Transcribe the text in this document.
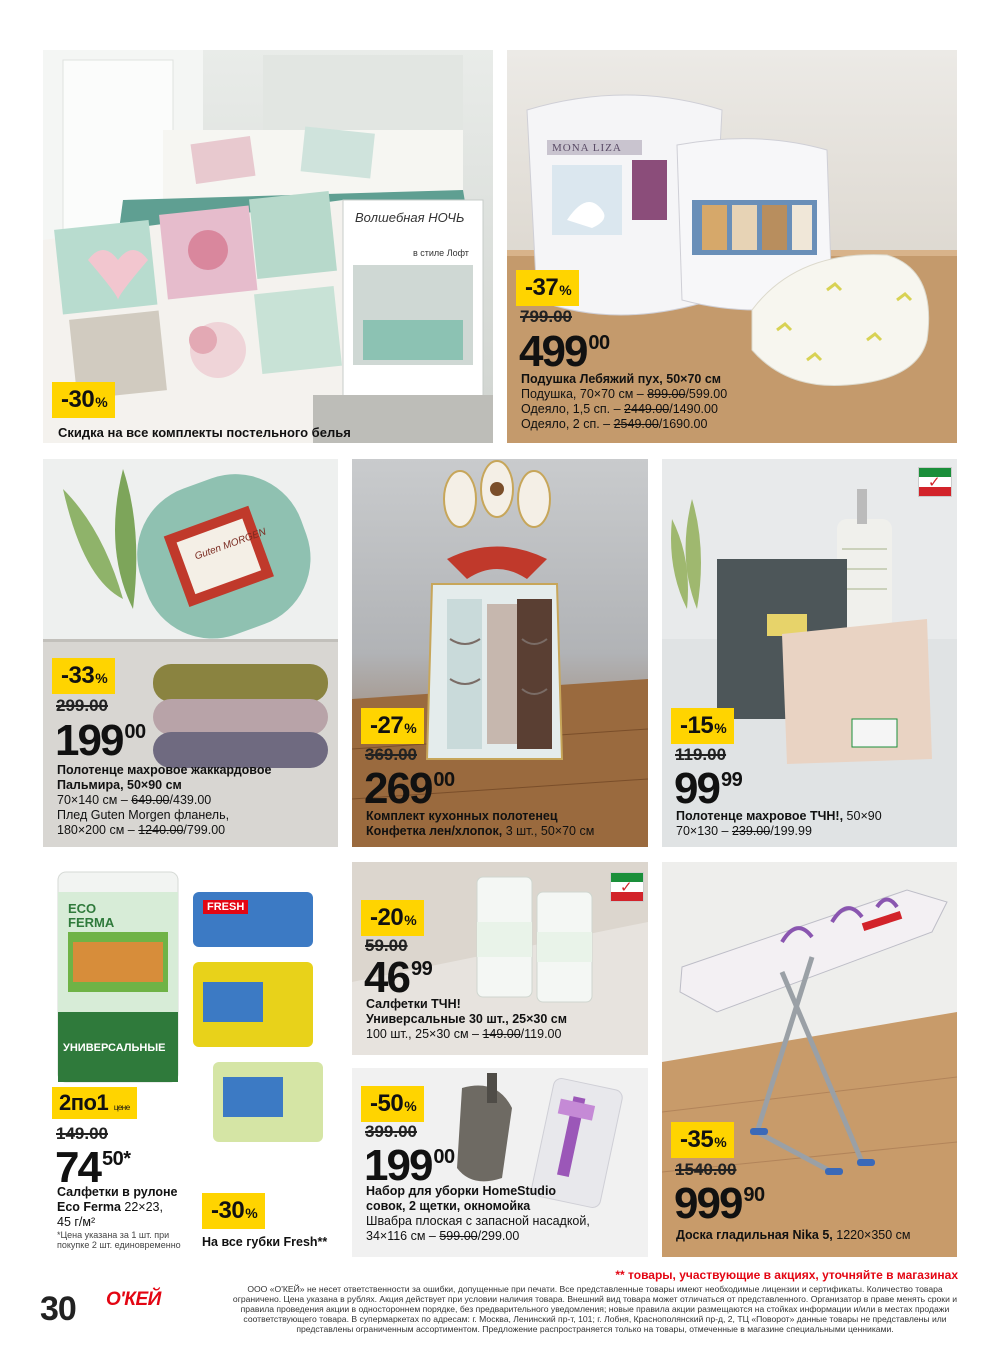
Волшебная НОЧЬ
в стиле Лофт
-30%
Скидка на все комплекты постельного белья
MONA LIZA
-37%
799.00
499 $^{00}$
Подушка Лебяжий пух, 50×70 см
Подушка, 70×70 см – 899.00/599.00
Одеяло, 1,5 сп. – 2449.00/1490.00
Одеяло, 2 сп. – 2549.00/1690.00
Guten MORGEN
-33%
299.00
199 $^{00}$
Полотенце махровое жаккардовое Пальмира, 50×90 см
70×140 см – 649.00/439.00
Плед Guten Morgen фланель,
180×200 см – 1240.00/799.00
-27%
369.00
269 $^{00}$
Комплект кухонных полотенец
Конфетка лен/хлопок, 3 шт., 50×70 см
✓
-15%
119.00
99 $^{99}$
Полотенце махровое ТЧН!, 50×90
70×130 – 239.00/199.99
ECO FERMA
УНИВЕРСАЛЬНЫЕ
FRESH
2по1 цене
149.00
74 $^{50*}$
Салфетки в рулоне
Eco Ferma 22×23,
45 г/м²
*Цена указана за 1 шт. при покупке 2 шт. единовременно
-30%
На все губки Fresh**
✓
-20%
59.00
46 $^{99}$
Салфетки ТЧН!
Универсальные 30 шт., 25×30 см
100 шт., 25×30 см – 149.00/119.00
-50%
399.00
199 $^{00}$
Набор для уборки HomeStudio
совок, 2 щетки, окномойка
Швабра плоская с запасной насадкой,
34×116 см – 599.00/299.00
-35%
1540.00
999 $^{90}$
Доска гладильная Nika 5, 1220×350 см
30 О'КЕЙ
** товары, участвующие в акциях, уточняйте в магазинах
ООО «О'КЕЙ» не несет ответственности за ошибки, допущенные при печати. Все представленные товары имеют необходимые лицензии и сертификаты. Количество товара ограничено. Цена указана в рублях. Акция действует при условии наличия товара. Внешний вид товара может отличаться от представленного. Организатор в праве менять сроки и правила проведения акции в одностороннем порядке, без предварительного уведомления; новые правила акции размещаются на стойках информации и/или в местах продажи соответствующего товара. В супермаркетах по адресам: г. Москва, Ленинский пр-т, 101; г. Лобня, Краснополянский пр-д, 2, ТЦ «Поворот» данные товары не представлены или представлены ограниченным ассортиментом. Предложение распространяется только на товары, отмеченные в магазине специальными ценниками.
